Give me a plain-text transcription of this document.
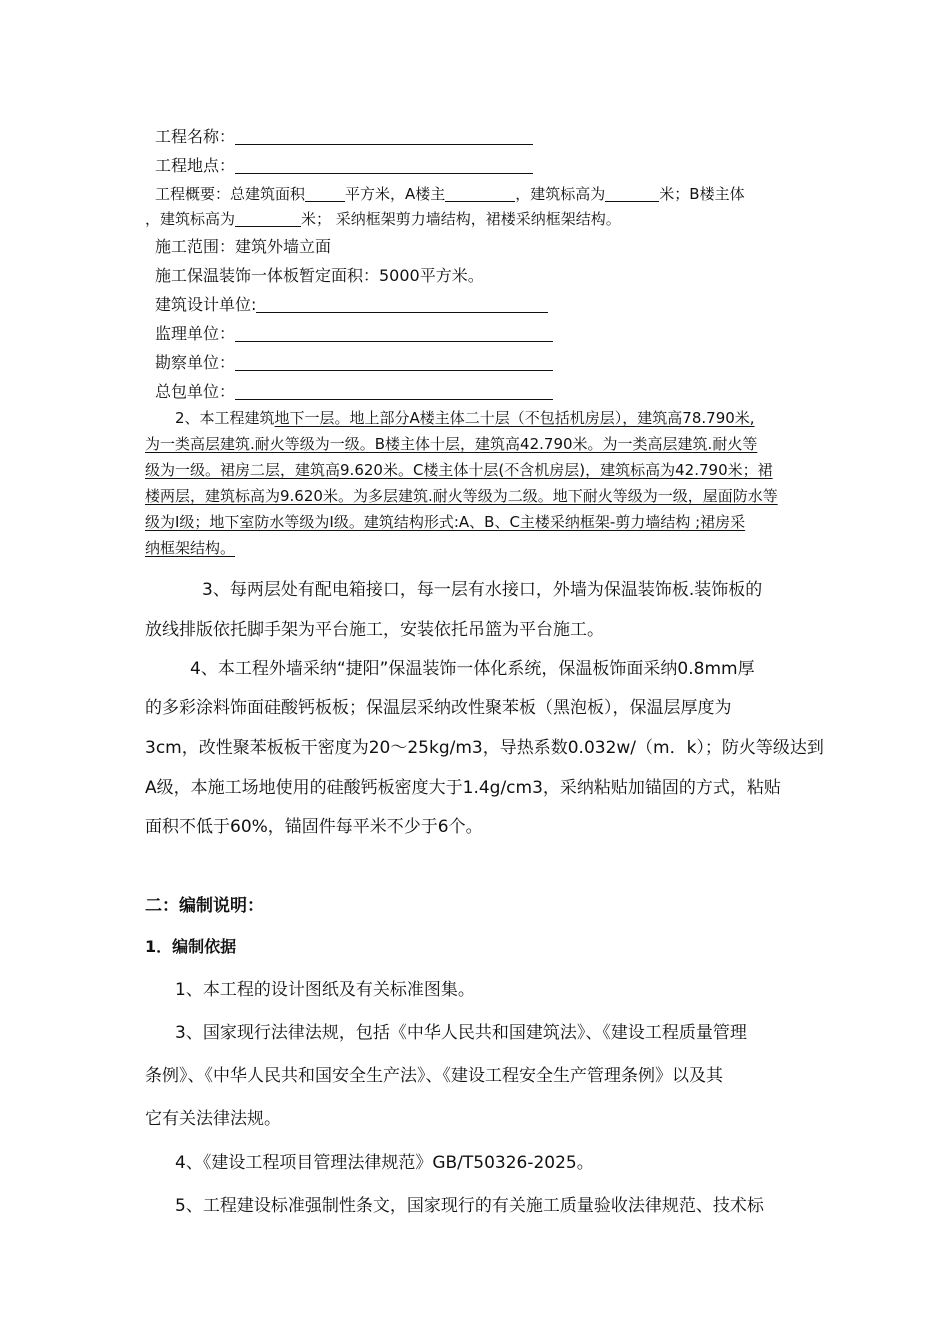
工程名称：
工程地点：
工程概要：总建筑面积	平方米，A楼主	，建筑标高为	米；B楼主体
，建筑标高为	米； 采纳框架剪力墙结构，裙楼采纳框架结构。
施工范围：建筑外墙立面
施工保温装饰一体板暂定面积：5000平方米。
建筑设计单位:
监理单位：
勘察单位：
总包单位：
2、本工程建筑地下一层。地上部分A楼主体二十层（不包括机房层），建筑高78.790米,
为一类高层建筑.耐火等级为一级。B楼主体十层，建筑高42.790米。为一类高层建筑.耐火等
级为一级。裙房二层，建筑高9.620米。C楼主体十层(不含机房层)，建筑标高为42.790米；裙
楼两层，建筑标高为9.620米。为多层建筑.耐火等级为二级。地下耐火等级为一级，屋面防水等
级为Ⅰ级；地下室防水等级为Ⅰ级。建筑结构形式:A、B、C主楼采纳框架-剪力墙结构 ;裙房采
纳框架结构。
3、每两层处有配电箱接口，每一层有水接口，外墙为保温装饰板.装饰板的
放线排版依托脚手架为平台施工，安装依托吊篮为平台施工。
4、本工程外墙采纳“捷阳”保温装饰一体化系统，保温板饰面采纳0.8mm厚
的多彩涂料饰面硅酸钙板板；保温层采纳改性聚苯板（黑泡板），保温层厚度为
3cm，改性聚苯板板干密度为20～25kg/m3，导热系数0.032w/（m．k）；防火等级达到
A级，本施工场地使用的硅酸钙板密度大于1.4g/cm3，采纳粘贴加锚固的方式，粘贴
面积不低于60%，锚固件每平米不少于6个。
二：编制说明：
1．编制依据
1、本工程的设计图纸及有关标准图集。
3、国家现行法律法规，包括《中华人民共和国建筑法》、《建设工程质量管理
条例》、《中华人民共和国安全生产法》、《建设工程安全生产管理条例》以及其
它有关法律法规。
4、《建设工程项目管理法律规范》GB/T50326-2025。
5、工程建设标准强制性条文，国家现行的有关施工质量验收法律规范、技术标
